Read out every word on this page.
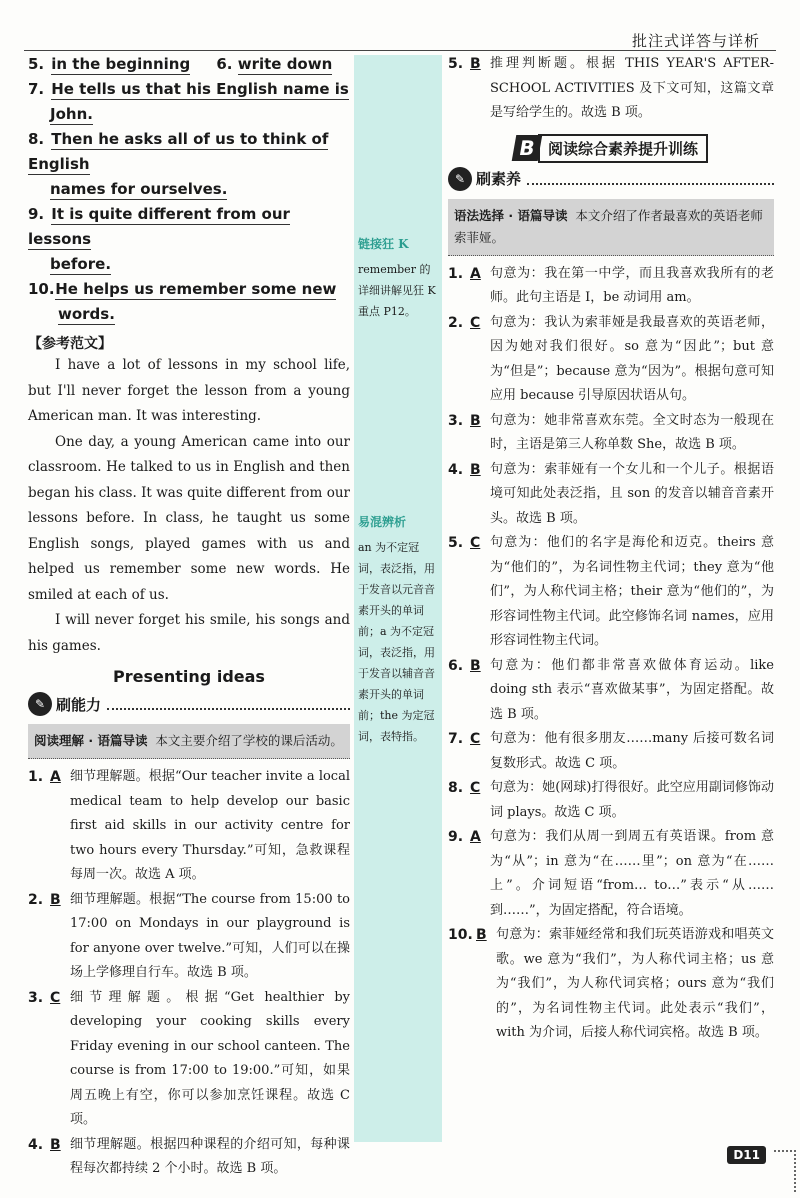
批注式详答与详析
5. in the beginning 6. write down
7. He tells us that his English name is
John.
8. Then he asks all of us to think of English
names for ourselves.
9. It is quite different from our lessons
before.
10. He helps us remember some new
words.
【参考范文】

I have a lot of lessons in my school life, but I'll never forget the lesson from a young American man. It was interesting.

One day, a young American came into our classroom. He talked to us in English and then began his class. It was quite different from our lessons before. In class, he taught us some English songs, played games with us and helped us remember some new words. He smiled at each of us.

I will never forget his smile, his songs and his games.

Presenting ideas
✎ 刷能力
阅读理解 · 语篇导读 本文主要介绍了学校的课后活动。
1. A 细节理解题。根据“Our teacher invite a local medical team to help develop our basic first aid skills in our activity centre for two hours every Thursday.”可知，急救课程每周一次。故选 A 项。
2. B 细节理解题。根据“The course from 15:00 to 17:00 on Mondays in our playground is for anyone over twelve.”可知，人们可以在操场上学修理自行车。故选 B 项。
3. C 细节理解题。根据“Get healthier by developing your cooking skills every Friday evening in our school canteen. The course is from 17:00 to 19:00.”可知，如果周五晚上有空，你可以参加烹饪课程。故选 C 项。
4. B 细节理解题。根据四种课程的介绍可知，每种课程每次都持续 2 个小时。故选 B 项。
链接狂 K
remember 的详细讲解见狂 K 重点 P12。
易混辨析
an 为不定冠词，表泛指，用于发音以元音音素开头的单词前；a 为不定冠词，表泛指，用于发音以辅音音素开头的单词前；the 为定冠词，表特指。
5. B 推理判断题。根据 THIS YEAR'S AFTER-SCHOOL ACTIVITIES 及下文可知，这篇文章是写给学生的。故选 B 项。
B 阅读综合素养提升训练
✎ 刷素养
语法选择 · 语篇导读 本文介绍了作者最喜欢的英语老师索菲娅。
1. A 句意为：我在第一中学，而且我喜欢我所有的老师。此句主语是 I，be 动词用 am。
2. C 句意为：我认为索菲娅是我最喜欢的英语老师，因为她对我们很好。so 意为“因此”；but 意为“但是”；because 意为“因为”。根据句意可知应用 because 引导原因状语从句。
3. B 句意为：她非常喜欢东莞。全文时态为一般现在时，主语是第三人称单数 She，故选 B 项。
4. B 句意为：索菲娅有一个女儿和一个儿子。根据语境可知此处表泛指，且 son 的发音以辅音音素开头。故选 B 项。
5. C 句意为：他们的名字是海伦和迈克。theirs 意为“他们的”，为名词性物主代词；they 意为“他们”，为人称代词主格；their 意为“他们的”，为形容词性物主代词。此空修饰名词 names，应用形容词性物主代词。
6. B 句意为：他们都非常喜欢做体育运动。like doing sth 表示“喜欢做某事”，为固定搭配。故选 B 项。
7. C 句意为：他有很多朋友……many 后接可数名词复数形式。故选 C 项。
8. C 句意为：她(网球)打得很好。此空应用副词修饰动词 plays。故选 C 项。
9. A 句意为：我们从周一到周五有英语课。from 意为“从”；in 意为“在……里”；on 意为“在……上”。介词短语“from… to…”表示“从……到……”，为固定搭配，符合语境。
10. B 句意为：索菲娅经常和我们玩英语游戏和唱英文歌。we 意为“我们”，为人称代词主格；us 意为“我们”，为人称代词宾格；ours 意为“我们的”，为名词性物主代词。此处表示“我们”，with 为介词，后接人称代词宾格。故选 B 项。
D11
